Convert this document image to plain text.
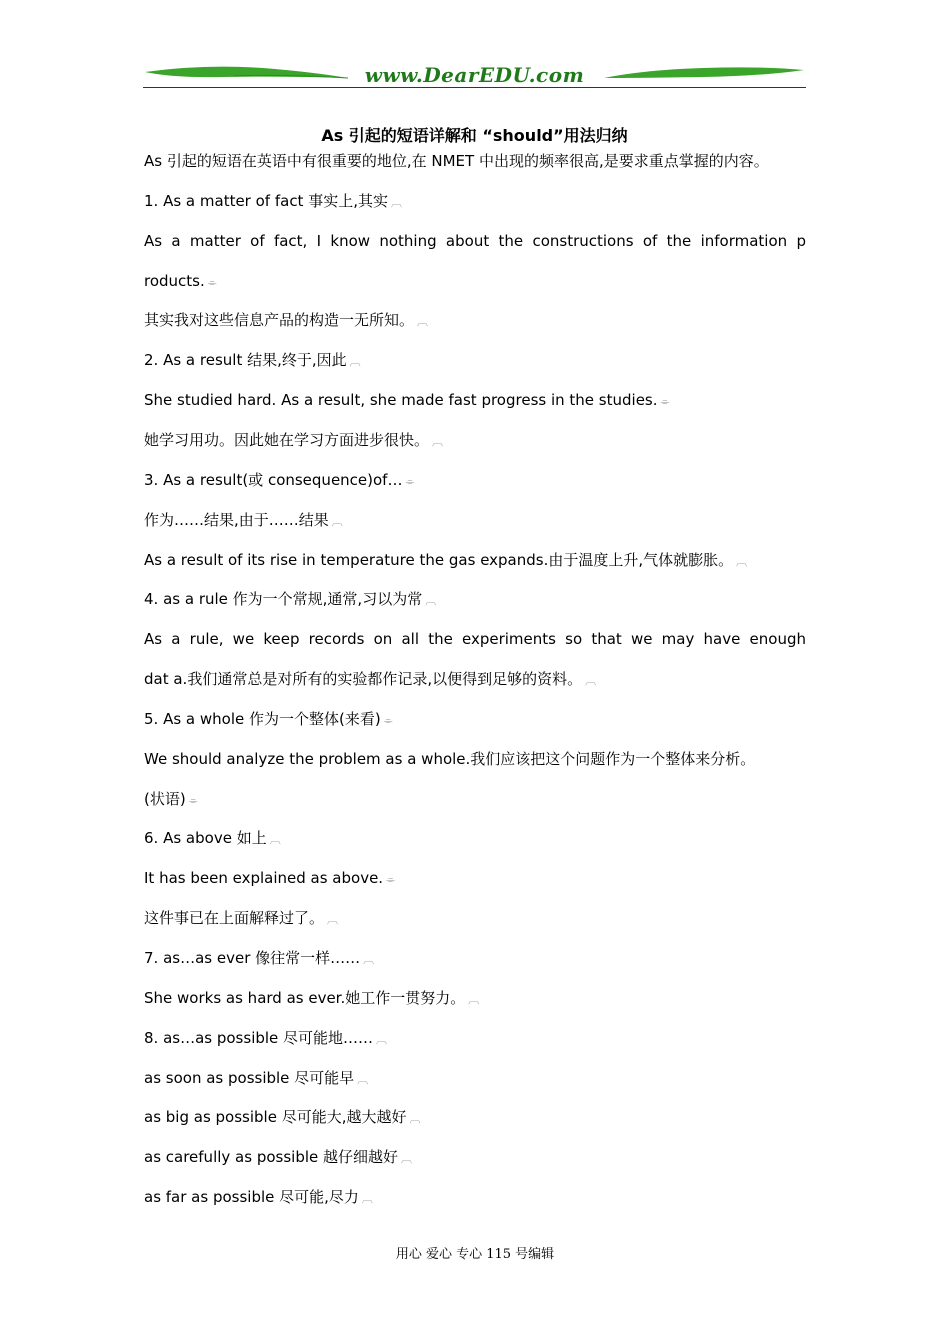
www.DearEDU.com
As 引起的短语详解和 “should”用法归纳
As 引起的短语在英语中有很重要的地位,在 NMET 中出现的频率很高,是要求重点掌握的内容。
1. As a matter of fact 事实上,其实 ︹
As a matter of fact, I know nothing about the constructions of the information p
roducts. ⌯
其实我对这些信息产品的构造一无所知。 ︹
2. As a result 结果,终于,因此 ︹
She studied hard. As a result, she made fast progress in the studies. ⌯
她学习用功。因此她在学习方面进步很快。 ︹
3. As a result(或 consequence)of… ⌯
作为……结果,由于……结果 ︹
As a result of its rise in temperature the gas expands.由于温度上升,气体就膨胀。 ︹
4. as a rule 作为一个常规,通常,习以为常 ︹
As a rule, we keep records on all the experiments so that we may have enough
dat a.我们通常总是对所有的实验都作记录,以便得到足够的资料。 ︹
5. As a whole 作为一个整体(来看) ⌯
We should analyze the problem as a whole.我们应该把这个问题作为一个整体来分析。
(状语) ⌯
6. As above 如上 ︹
It has been explained as above. ⌯
这件事已在上面解释过了。 ︹
7. as…as ever 像往常一样…… ︹
She works as hard as ever.她工作一贯努力。 ︹
8. as…as possible 尽可能地…… ︹
as soon as possible 尽可能早 ︹
as big as possible 尽可能大,越大越好 ︹
as carefully as possible 越仔细越好 ︹
as far as possible 尽可能,尽力 ︹
用心 爱心 专心 115 号编辑
